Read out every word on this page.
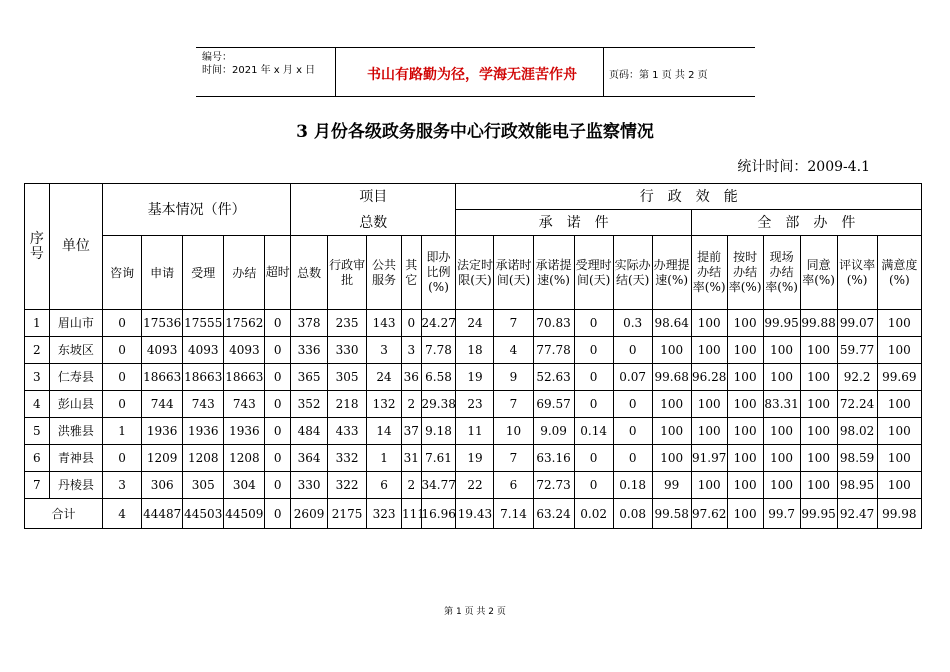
编号：
时间：2021 年 x 月 x 日	书山有路勤为径，学海无涯苦作舟	页码：第 1 页 共 2 页
3 月份各级政务服务中心行政效能电子监察情况
统计时间：2009-4.1
序号	单位	基本情况（件）					项目
总数					行　政　效　能											
												承　诺　件						全　部　办　件					
		咨询	申请	受理	办结	超时	总数	行政审批	公共服务	其它	即办比例(%)	法定时限(天)	承诺时间(天)	承诺提速(%)	受理时间(天)	实际办结(天)	办理提速(%)	提前办结率(%)	按时办结率(%)	现场办结率(%)	同意率(%)	评议率(%)	满意度(%)
1	眉山市	0	17536	17555	17562	0	378	235	143	0	24.27	24	7	70.83	0	0.3	98.64	100	100	99.95	99.88	99.07	100
2	东坡区	0	4093	4093	4093	0	336	330	3	3	7.78	18	4	77.78	0	0	100	100	100	100	100	59.77	100
3	仁寿县	0	18663	18663	18663	0	365	305	24	36	6.58	19	9	52.63	0	0.07	99.68	96.28	100	100	100	92.2	99.69
4	彭山县	0	744	743	743	0	352	218	132	2	29.38	23	7	69.57	0	0	100	100	100	83.31	100	72.24	100
5	洪雅县	1	1936	1936	1936	0	484	433	14	37	9.18	11	10	9.09	0.14	0	100	100	100	100	100	98.02	100
6	青神县	0	1209	1208	1208	0	364	332	1	31	7.61	19	7	63.16	0	0	100	91.97	100	100	100	98.59	100
7	丹棱县	3	306	305	304	0	330	322	6	2	34.77	22	6	72.73	0	0.18	99	100	100	100	100	98.95	100
合计		4	44487	44503	44509	0	2609	2175	323	111	16.96	19.43	7.14	63.24	0.02	0.08	99.58	97.62	100	99.7	99.95	92.47	99.98
第 1 页 共 2 页
